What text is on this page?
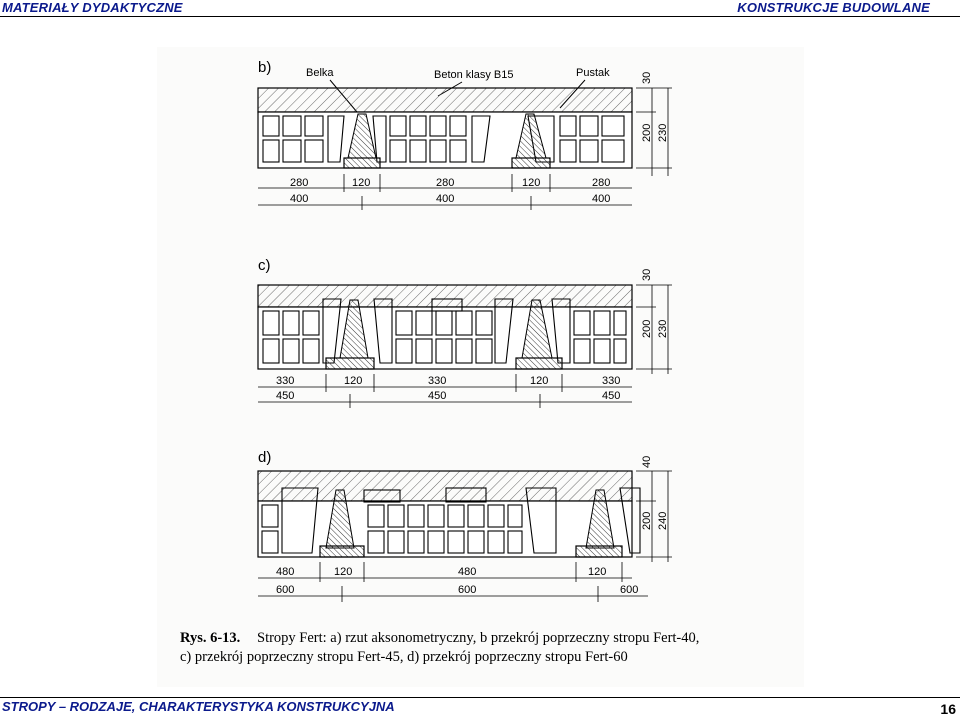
MATERIAŁY DYDAKTYCZNE	KONSTRUKCJE BUDOWLANE
b)	Belka	Beton klasy B15	Pustak
280	120	280	120	280
400	400	400
30
200 230
c)
330	120	330	120	330
450	450	450
30
200 230
d)
480	120	480	120
600	600	600
40
200 240
Rys. 6-13. Stropy Fert: a) rzut aksonometryczny, b przekrój poprzeczny stropu Fert-40,
c) przekrój poprzeczny stropu Fert-45, d) przekrój poprzeczny stropu Fert-60
STROPY – RODZAJE, CHARAKTERYSTYKA KONSTRUKCYJNA	16
